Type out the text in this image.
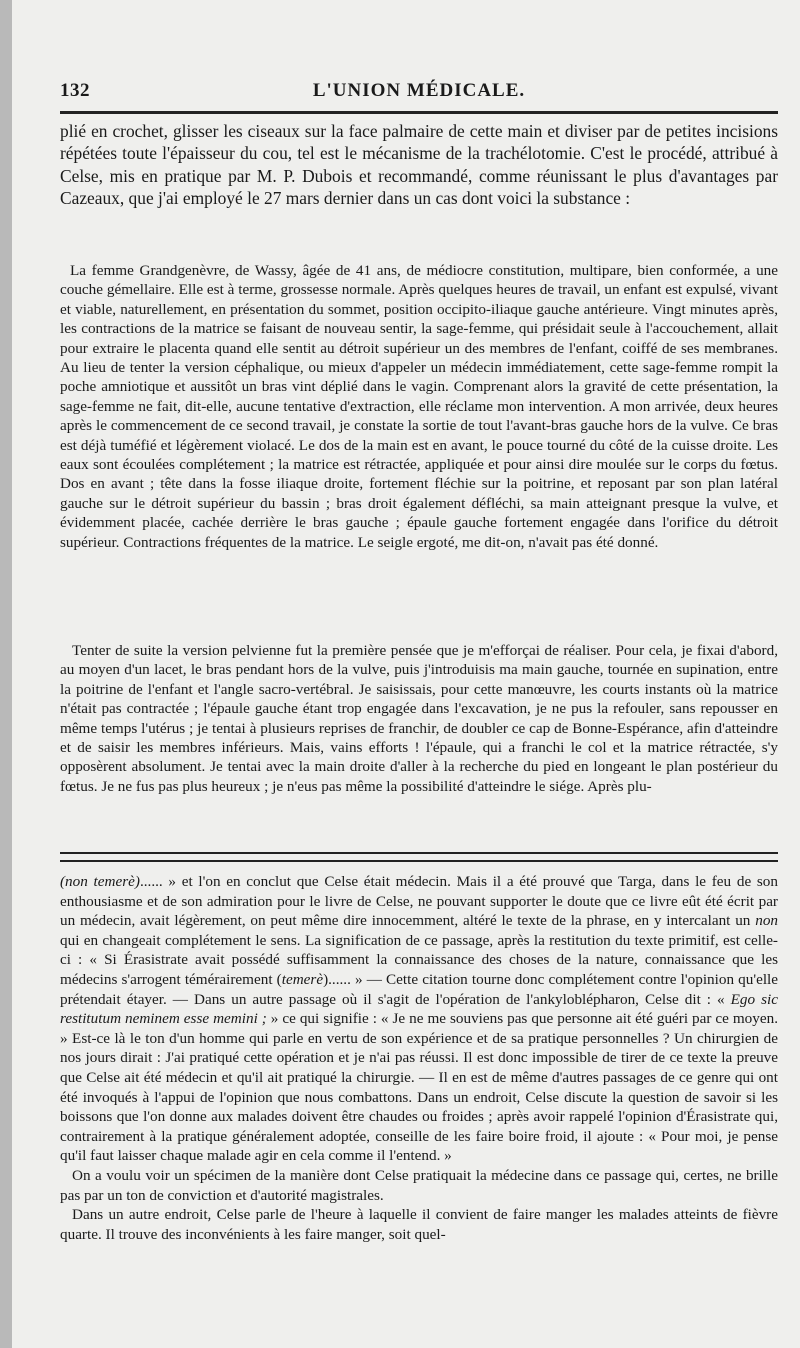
132	L'UNION MÉDICALE.

plié en crochet, glisser les ciseaux sur la face palmaire de cette main et diviser par de petites incisions répétées toute l'épaisseur du cou, tel est le mécanisme de la trachélotomie. C'est le procédé, attribué à Celse, mis en pratique par M. P. Dubois et recommandé, comme réunissant le plus d'avantages par Cazeaux, que j'ai employé le 27 mars dernier dans un cas dont voici la substance :

La femme Grandgenèvre, de Wassy, âgée de 41 ans, de médiocre constitution, multipare, bien conformée, a une couche gémellaire. Elle est à terme, grossesse normale. Après quelques heures de travail, un enfant est expulsé, vivant et viable, naturellement, en présentation du sommet, position occipito-iliaque gauche antérieure. Vingt minutes après, les contractions de la matrice se faisant de nouveau sentir, la sage-femme, qui présidait seule à l'accouchement, allait pour extraire le placenta quand elle sentit au détroit supérieur un des membres de l'enfant, coiffé de ses membranes. Au lieu de tenter la version céphalique, ou mieux d'appeler un médecin immédiatement, cette sage-femme rompit la poche amniotique et aussitôt un bras vint déplié dans le vagin. Comprenant alors la gravité de cette présentation, la sage-femme ne fait, dit-elle, aucune tentative d'extraction, elle réclame mon intervention. A mon arrivée, deux heures après le commencement de ce second travail, je constate la sortie de tout l'avant-bras gauche hors de la vulve. Ce bras est déjà tuméfié et légèrement violacé. Le dos de la main est en avant, le pouce tourné du côté de la cuisse droite. Les eaux sont écoulées complétement ; la matrice est rétractée, appliquée et pour ainsi dire moulée sur le corps du fœtus. Dos en avant ; tête dans la fosse iliaque droite, fortement fléchie sur la poitrine, et reposant par son plan latéral gauche sur le détroit supérieur du bassin ; bras droit également défléchi, sa main atteignant presque la vulve, et évidemment placée, cachée derrière le bras gauche ; épaule gauche fortement engagée dans l'orifice du détroit supérieur. Contractions fréquentes de la matrice. Le seigle ergoté, me dit-on, n'avait pas été donné.

Tenter de suite la version pelvienne fut la première pensée que je m'efforçai de réaliser. Pour cela, je fixai d'abord, au moyen d'un lacet, le bras pendant hors de la vulve, puis j'introduisis ma main gauche, tournée en supination, entre la poitrine de l'enfant et l'angle sacro-vertébral. Je saisissais, pour cette manœuvre, les courts instants où la matrice n'était pas contractée ; l'épaule gauche étant trop engagée dans l'excavation, je ne pus la refouler, sans repousser en même temps l'utérus ; je tentai à plusieurs reprises de franchir, de doubler ce cap de Bonne-Espérance, afin d'atteindre et de saisir les membres inférieurs. Mais, vains efforts ! l'épaule, qui a franchi le col et la matrice rétractée, s'y opposèrent absolument. Je tentai avec la main droite d'aller à la recherche du pied en longeant le plan postérieur du fœtus. Je ne fus pas plus heureux ; je n'eus pas même la possibilité d'atteindre le siége. Après plu-

(non temerè)...... » et l'on en conclut que Celse était médecin. Mais il a été prouvé que Targa, dans le feu de son enthousiasme et de son admiration pour le livre de Celse, ne pouvant supporter le doute que ce livre eût été écrit par un médecin, avait légèrement, on peut même dire innocemment, altéré le texte de la phrase, en y intercalant un non qui en changeait complétement le sens. La signification de ce passage, après la restitution du texte primitif, est celle-ci : « Si Érasistrate avait possédé suffisamment la connaissance des choses de la nature, connaissance que les médecins s'arrogent témérairement (temerè)...... » — Cette citation tourne donc complétement contre l'opinion qu'elle prétendait étayer. — Dans un autre passage où il s'agit de l'opération de l'ankyloblépharon, Celse dit : « Ego sic restitutum neminem esse memini ; » ce qui signifie : « Je ne me souviens pas que personne ait été guéri par ce moyen. » Est-ce là le ton d'un homme qui parle en vertu de son expérience et de sa pratique personnelles ? Un chirurgien de nos jours dirait : J'ai pratiqué cette opération et je n'ai pas réussi. Il est donc impossible de tirer de ce texte la preuve que Celse ait été médecin et qu'il ait pratiqué la chirurgie. — Il en est de même d'autres passages de ce genre qui ont été invoqués à l'appui de l'opinion que nous combattons. Dans un endroit, Celse discute la question de savoir si les boissons que l'on donne aux malades doivent être chaudes ou froides ; après avoir rappelé l'opinion d'Érasistrate qui, contrairement à la pratique généralement adoptée, conseille de les faire boire froid, il ajoute : « Pour moi, je pense qu'il faut laisser chaque malade agir en cela comme il l'entend. »

On a voulu voir un spécimen de la manière dont Celse pratiquait la médecine dans ce passage qui, certes, ne brille pas par un ton de conviction et d'autorité magistrales.

Dans un autre endroit, Celse parle de l'heure à laquelle il convient de faire manger les malades atteints de fièvre quarte. Il trouve des inconvénients à les faire manger, soit quel-
